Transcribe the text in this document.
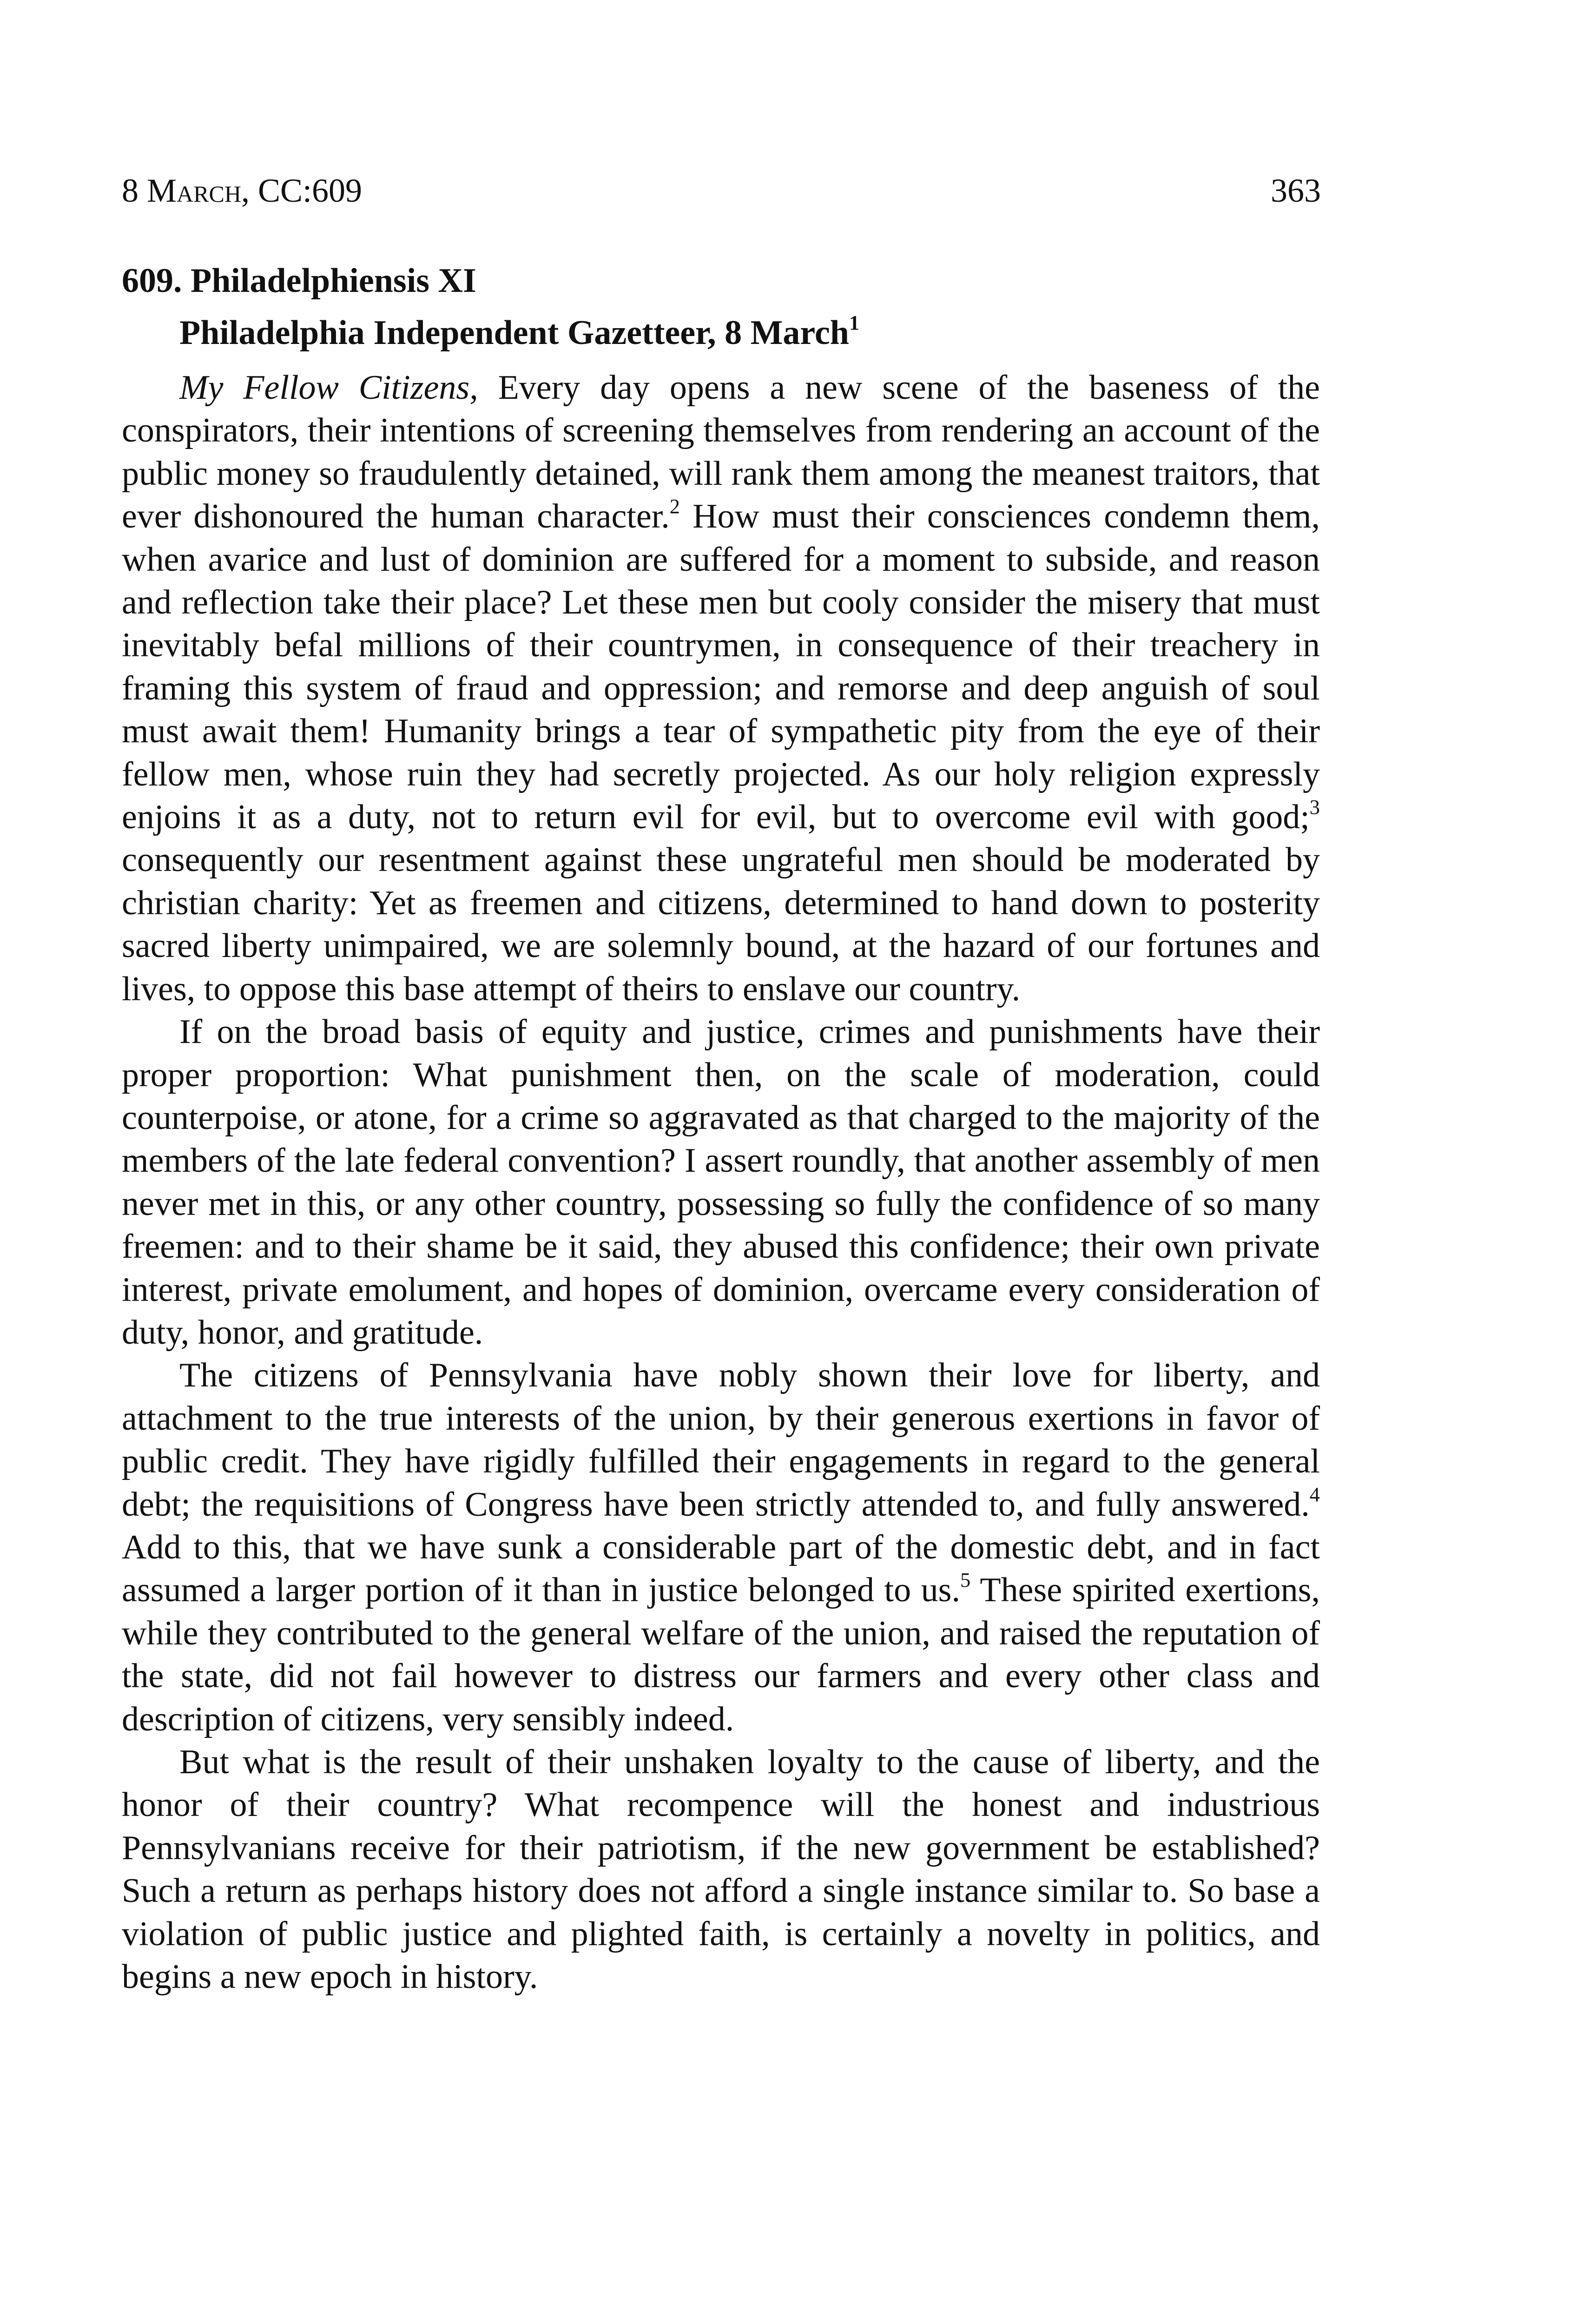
8 March, CC:609	363
609. Philadelphiensis XI
Philadelphia Independent Gazetteer, 8 March$^1$

My Fellow Citizens, Every day opens a new scene of the baseness of the conspirators, their intentions of screening themselves from rendering an account of the public money so fraudulently detained, will rank them among the meanest traitors, that ever dishonoured the human character.$^2$ How must their consciences condemn them, when avarice and lust of dominion are suffered for a moment to subside, and reason and reflection take their place? Let these men but cooly consider the misery that must inevitably befal millions of their countrymen, in consequence of their treachery in framing this system of fraud and oppression; and remorse and deep anguish of soul must await them! Humanity brings a tear of sympathetic pity from the eye of their fellow men, whose ruin they had secretly projected. As our holy religion expressly enjoins it as a duty, not to return evil for evil, but to overcome evil with good;$^3$ consequently our resentment against these ungrateful men should be moderated by christian charity: Yet as freemen and citizens, determined to hand down to posterity sacred liberty unimpaired, we are solemnly bound, at the hazard of our fortunes and lives, to oppose this base attempt of theirs to enslave our country.

If on the broad basis of equity and justice, crimes and punishments have their proper proportion: What punishment then, on the scale of moderation, could counterpoise, or atone, for a crime so aggravated as that charged to the majority of the members of the late federal convention? I assert roundly, that another assembly of men never met in this, or any other country, possessing so fully the confidence of so many freemen: and to their shame be it said, they abused this confidence; their own private interest, private emolument, and hopes of dominion, overcame every consideration of duty, honor, and gratitude.

The citizens of Pennsylvania have nobly shown their love for liberty, and attachment to the true interests of the union, by their generous exertions in favor of public credit. They have rigidly fulfilled their engagements in regard to the general debt; the requisitions of Congress have been strictly attended to, and fully answered.$^4$ Add to this, that we have sunk a considerable part of the domestic debt, and in fact assumed a larger portion of it than in justice belonged to us.$^5$ These spirited exertions, while they contributed to the general welfare of the union, and raised the reputation of the state, did not fail however to distress our farmers and every other class and description of citizens, very sensibly indeed.

But what is the result of their unshaken loyalty to the cause of liberty, and the honor of their country? What recompence will the honest and industrious Pennsylvanians receive for their patriotism, if the new government be established? Such a return as perhaps history does not afford a single instance similar to. So base a violation of public justice and plighted faith, is certainly a novelty in politics, and begins a new epoch in history.
